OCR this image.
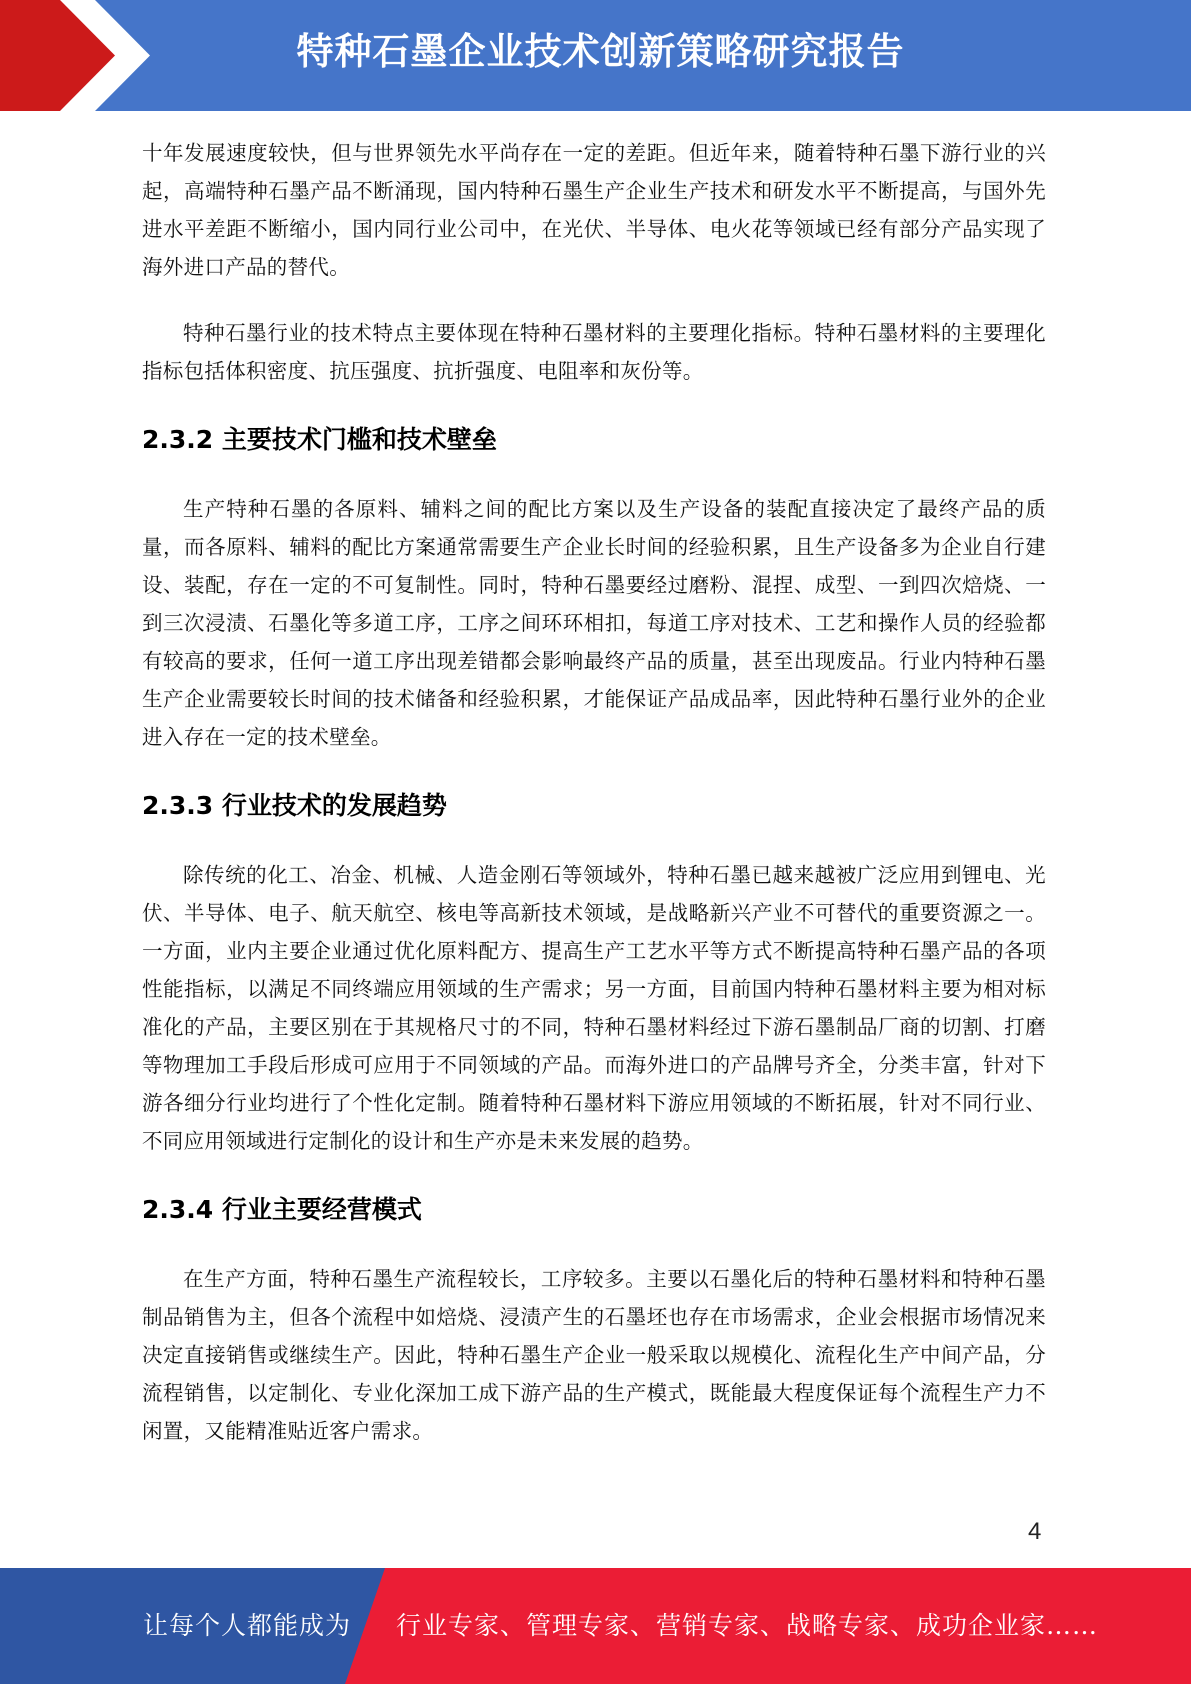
特种石墨企业技术创新策略研究报告

十年发展速度较快，但与世界领先水平尚存在一定的差距。但近年来，随着特种石墨下游行业的兴起，高端特种石墨产品不断涌现，国内特种石墨生产企业生产技术和研发水平不断提高，与国外先进水平差距不断缩小，国内同行业公司中，在光伏、半导体、电火花等领域已经有部分产品实现了海外进口产品的替代。

特种石墨行业的技术特点主要体现在特种石墨材料的主要理化指标。特种石墨材料的主要理化指标包括体积密度、抗压强度、抗折强度、电阻率和灰份等。

2.3.2 主要技术门槛和技术壁垒

生产特种石墨的各原料、辅料之间的配比方案以及生产设备的装配直接决定了最终产品的质量，而各原料、辅料的配比方案通常需要生产企业长时间的经验积累，且生产设备多为企业自行建设、装配，存在一定的不可复制性。同时，特种石墨要经过磨粉、混捏、成型、一到四次焙烧、一到三次浸渍、石墨化等多道工序，工序之间环环相扣，每道工序对技术、工艺和操作人员的经验都有较高的要求，任何一道工序出现差错都会影响最终产品的质量，甚至出现废品。行业内特种石墨生产企业需要较长时间的技术储备和经验积累，才能保证产品成品率，因此特种石墨行业外的企业进入存在一定的技术壁垒。

2.3.3 行业技术的发展趋势

除传统的化工、冶金、机械、人造金刚石等领域外，特种石墨已越来越被广泛应用到锂电、光伏、半导体、电子、航天航空、核电等高新技术领域，是战略新兴产业不可替代的重要资源之一。一方面，业内主要企业通过优化原料配方、提高生产工艺水平等方式不断提高特种石墨产品的各项性能指标，以满足不同终端应用领域的生产需求；另一方面，目前国内特种石墨材料主要为相对标准化的产品，主要区别在于其规格尺寸的不同，特种石墨材料经过下游石墨制品厂商的切割、打磨等物理加工手段后形成可应用于不同领域的产品。而海外进口的产品牌号齐全，分类丰富，针对下游各细分行业均进行了个性化定制。随着特种石墨材料下游应用领域的不断拓展，针对不同行业、不同应用领域进行定制化的设计和生产亦是未来发展的趋势。

2.3.4 行业主要经营模式

在生产方面，特种石墨生产流程较长，工序较多。主要以石墨化后的特种石墨材料和特种石墨制品销售为主，但各个流程中如焙烧、浸渍产生的石墨坯也存在市场需求，企业会根据市场情况来决定直接销售或继续生产。因此，特种石墨生产企业一般采取以规模化、流程化生产中间产品，分流程销售，以定制化、专业化深加工成下游产品的生产模式，既能最大程度保证每个流程生产力不闲置，又能精准贴近客户需求。

4
让每个人都能成为 行业专家、管理专家、营销专家、战略专家、成功企业家……
